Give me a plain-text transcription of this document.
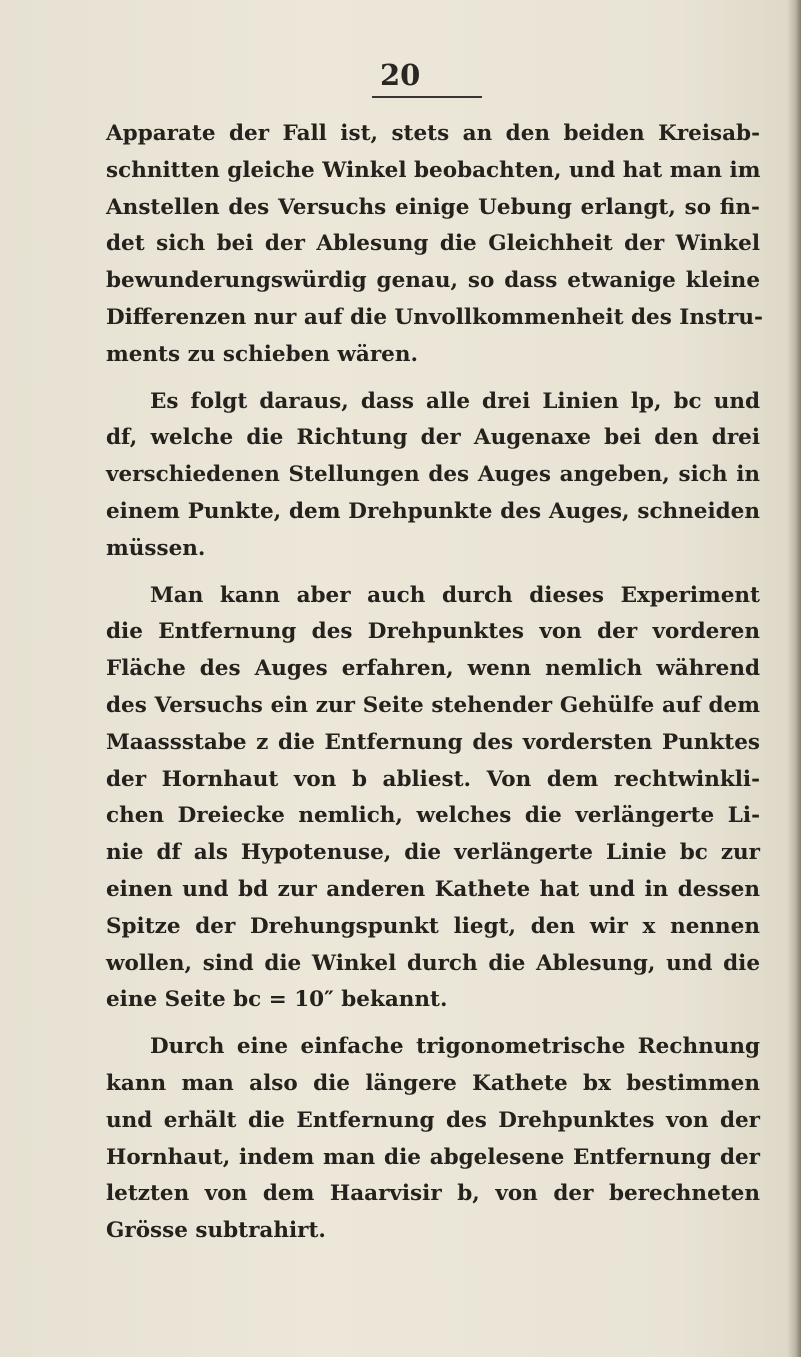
20

Apparate der Fall ist, stets an den beiden Kreisab-
schnitten gleiche Winkel beobachten, und hat man im
Anstellen des Versuchs einige Uebung erlangt, so fin-
det sich bei der Ablesung die Gleichheit der Winkel
bewunderungswürdig genau, so dass etwanige kleine
Differenzen nur auf die Unvollkommenheit des Instru-
ments zu schieben wären.

Es folgt daraus, dass alle drei Linien lp, bc und
df, welche die Richtung der Augenaxe bei den drei
verschiedenen Stellungen des Auges angeben, sich in
einem Punkte, dem Drehpunkte des Auges, schneiden
müssen.

Man kann aber auch durch dieses Experiment
die Entfernung des Drehpunktes von der vorderen
Fläche des Auges erfahren, wenn nemlich während
des Versuchs ein zur Seite stehender Gehülfe auf dem
Maassstabe z die Entfernung des vordersten Punktes
der Hornhaut von b abliest. Von dem rechtwinkli-
chen Dreiecke nemlich, welches die verlängerte Li-
nie df als Hypotenuse, die verlängerte Linie bc zur
einen und bd zur anderen Kathete hat und in dessen
Spitze der Drehungspunkt liegt, den wir x nennen
wollen, sind die Winkel durch die Ablesung, und die
eine Seite bc = 10″ bekannt.

Durch eine einfache trigonometrische Rechnung
kann man also die längere Kathete bx bestimmen
und erhält die Entfernung des Drehpunktes von der
Hornhaut, indem man die abgelesene Entfernung der
letzten von dem Haarvisir b, von der berechneten
Grösse subtrahirt.
